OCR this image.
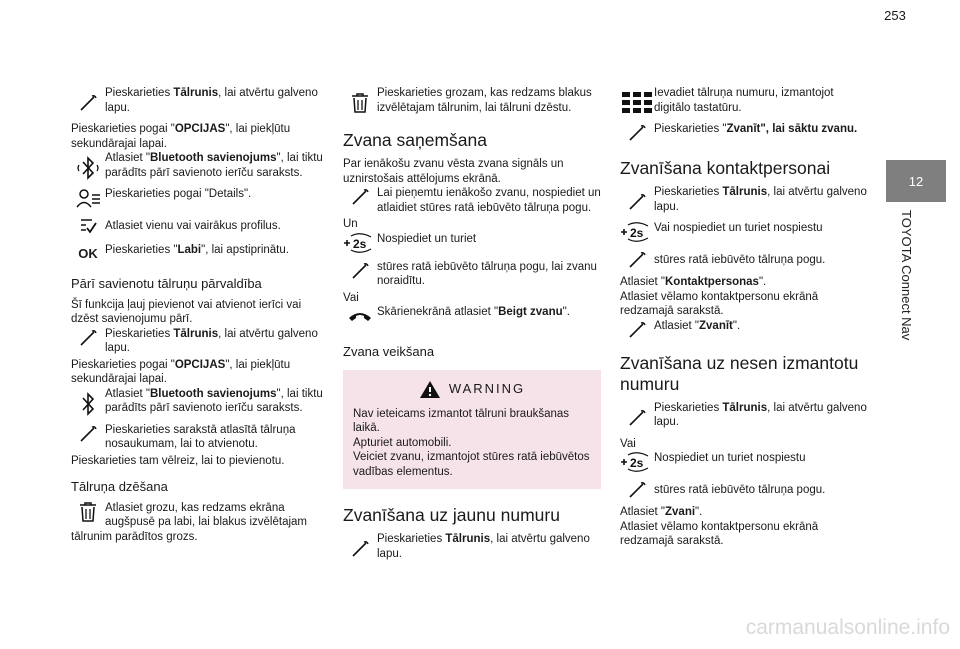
253
12
TOYOTA Connect Nav

Pieskarieties Tālrunis, lai atvērtu galveno lapu.

Pieskarieties pogai "OPCIJAS", lai piekļūtu sekundārajai lapai.

Atlasiet "Bluetooth savienojums", lai tiktu parādīts pārī savienoto ierīču saraksts.

Pieskarieties pogai "Details".

Atlasiet vienu vai vairākus profilus.

OK Pieskarieties "Labi", lai apstiprinātu.

Pārī savienotu tālruņu pārvaldība

Šī funkcija ļauj pievienot vai atvienot ierīci vai dzēst savienojumu pārī.

Pieskarieties Tālrunis, lai atvērtu galveno lapu.

Pieskarieties pogai "OPCIJAS", lai piekļūtu sekundārajai lapai.

Atlasiet "Bluetooth savienojums", lai tiktu parādīts pārī savienoto ierīču saraksts.

Pieskarieties sarakstā atlasītā tālruņa nosaukumam, lai to atvienotu.

Pieskarieties tam vēlreiz, lai to pievienotu.

Tālruņa dzēšana

Atlasiet grozu, kas redzams ekrāna augšpusē pa labi, lai blakus izvēlētajam tālrunim parādītos grozs.

Pieskarieties grozam, kas redzams blakus izvēlētajam tālrunim, lai tālruni dzēstu.

Zvana saņemšana

Par ienākošu zvanu vēsta zvana signāls un uznirstošais attēlojums ekrānā.

Lai pieņemtu ienākošo zvanu, nospiediet un atlaidiet stūres ratā iebūvēto tālruņa pogu.

Un

2s Nospiediet un turiet

stūres ratā iebūvēto tālruņa pogu, lai zvanu noraidītu.

Vai

Skārienekrānā atlasiet "Beigt zvanu".

Zvana veikšana
WARNING

Nav ieteicams izmantot tālruni braukšanas laikā.

Apturiet automobili.

Veiciet zvanu, izmantojot stūres ratā iebūvētos vadības elementus.

Zvanīšana uz jaunu numuru

Pieskarieties Tālrunis, lai atvērtu galveno lapu.

Ievadiet tālruņa numuru, izmantojot digitālo tastatūru.

Pieskarieties "Zvanīt", lai sāktu zvanu.

Zvanīšana kontaktpersonai

Pieskarieties Tālrunis, lai atvērtu galveno lapu.

2s Vai nospiediet un turiet nospiestu

stūres ratā iebūvēto tālruņa pogu.

Atlasiet "Kontaktpersonas".

Atlasiet vēlamo kontaktpersonu ekrānā redzamajā sarakstā.

Atlasiet "Zvanīt".

Zvanīšana uz nesen izmantotu numuru

Pieskarieties Tālrunis, lai atvērtu galveno lapu.

Vai

2s Nospiediet un turiet nospiestu

stūres ratā iebūvēto tālruņa pogu.

Atlasiet "Zvani".

Atlasiet vēlamo kontaktpersonu ekrānā redzamajā sarakstā.

carmanualsonline.info
